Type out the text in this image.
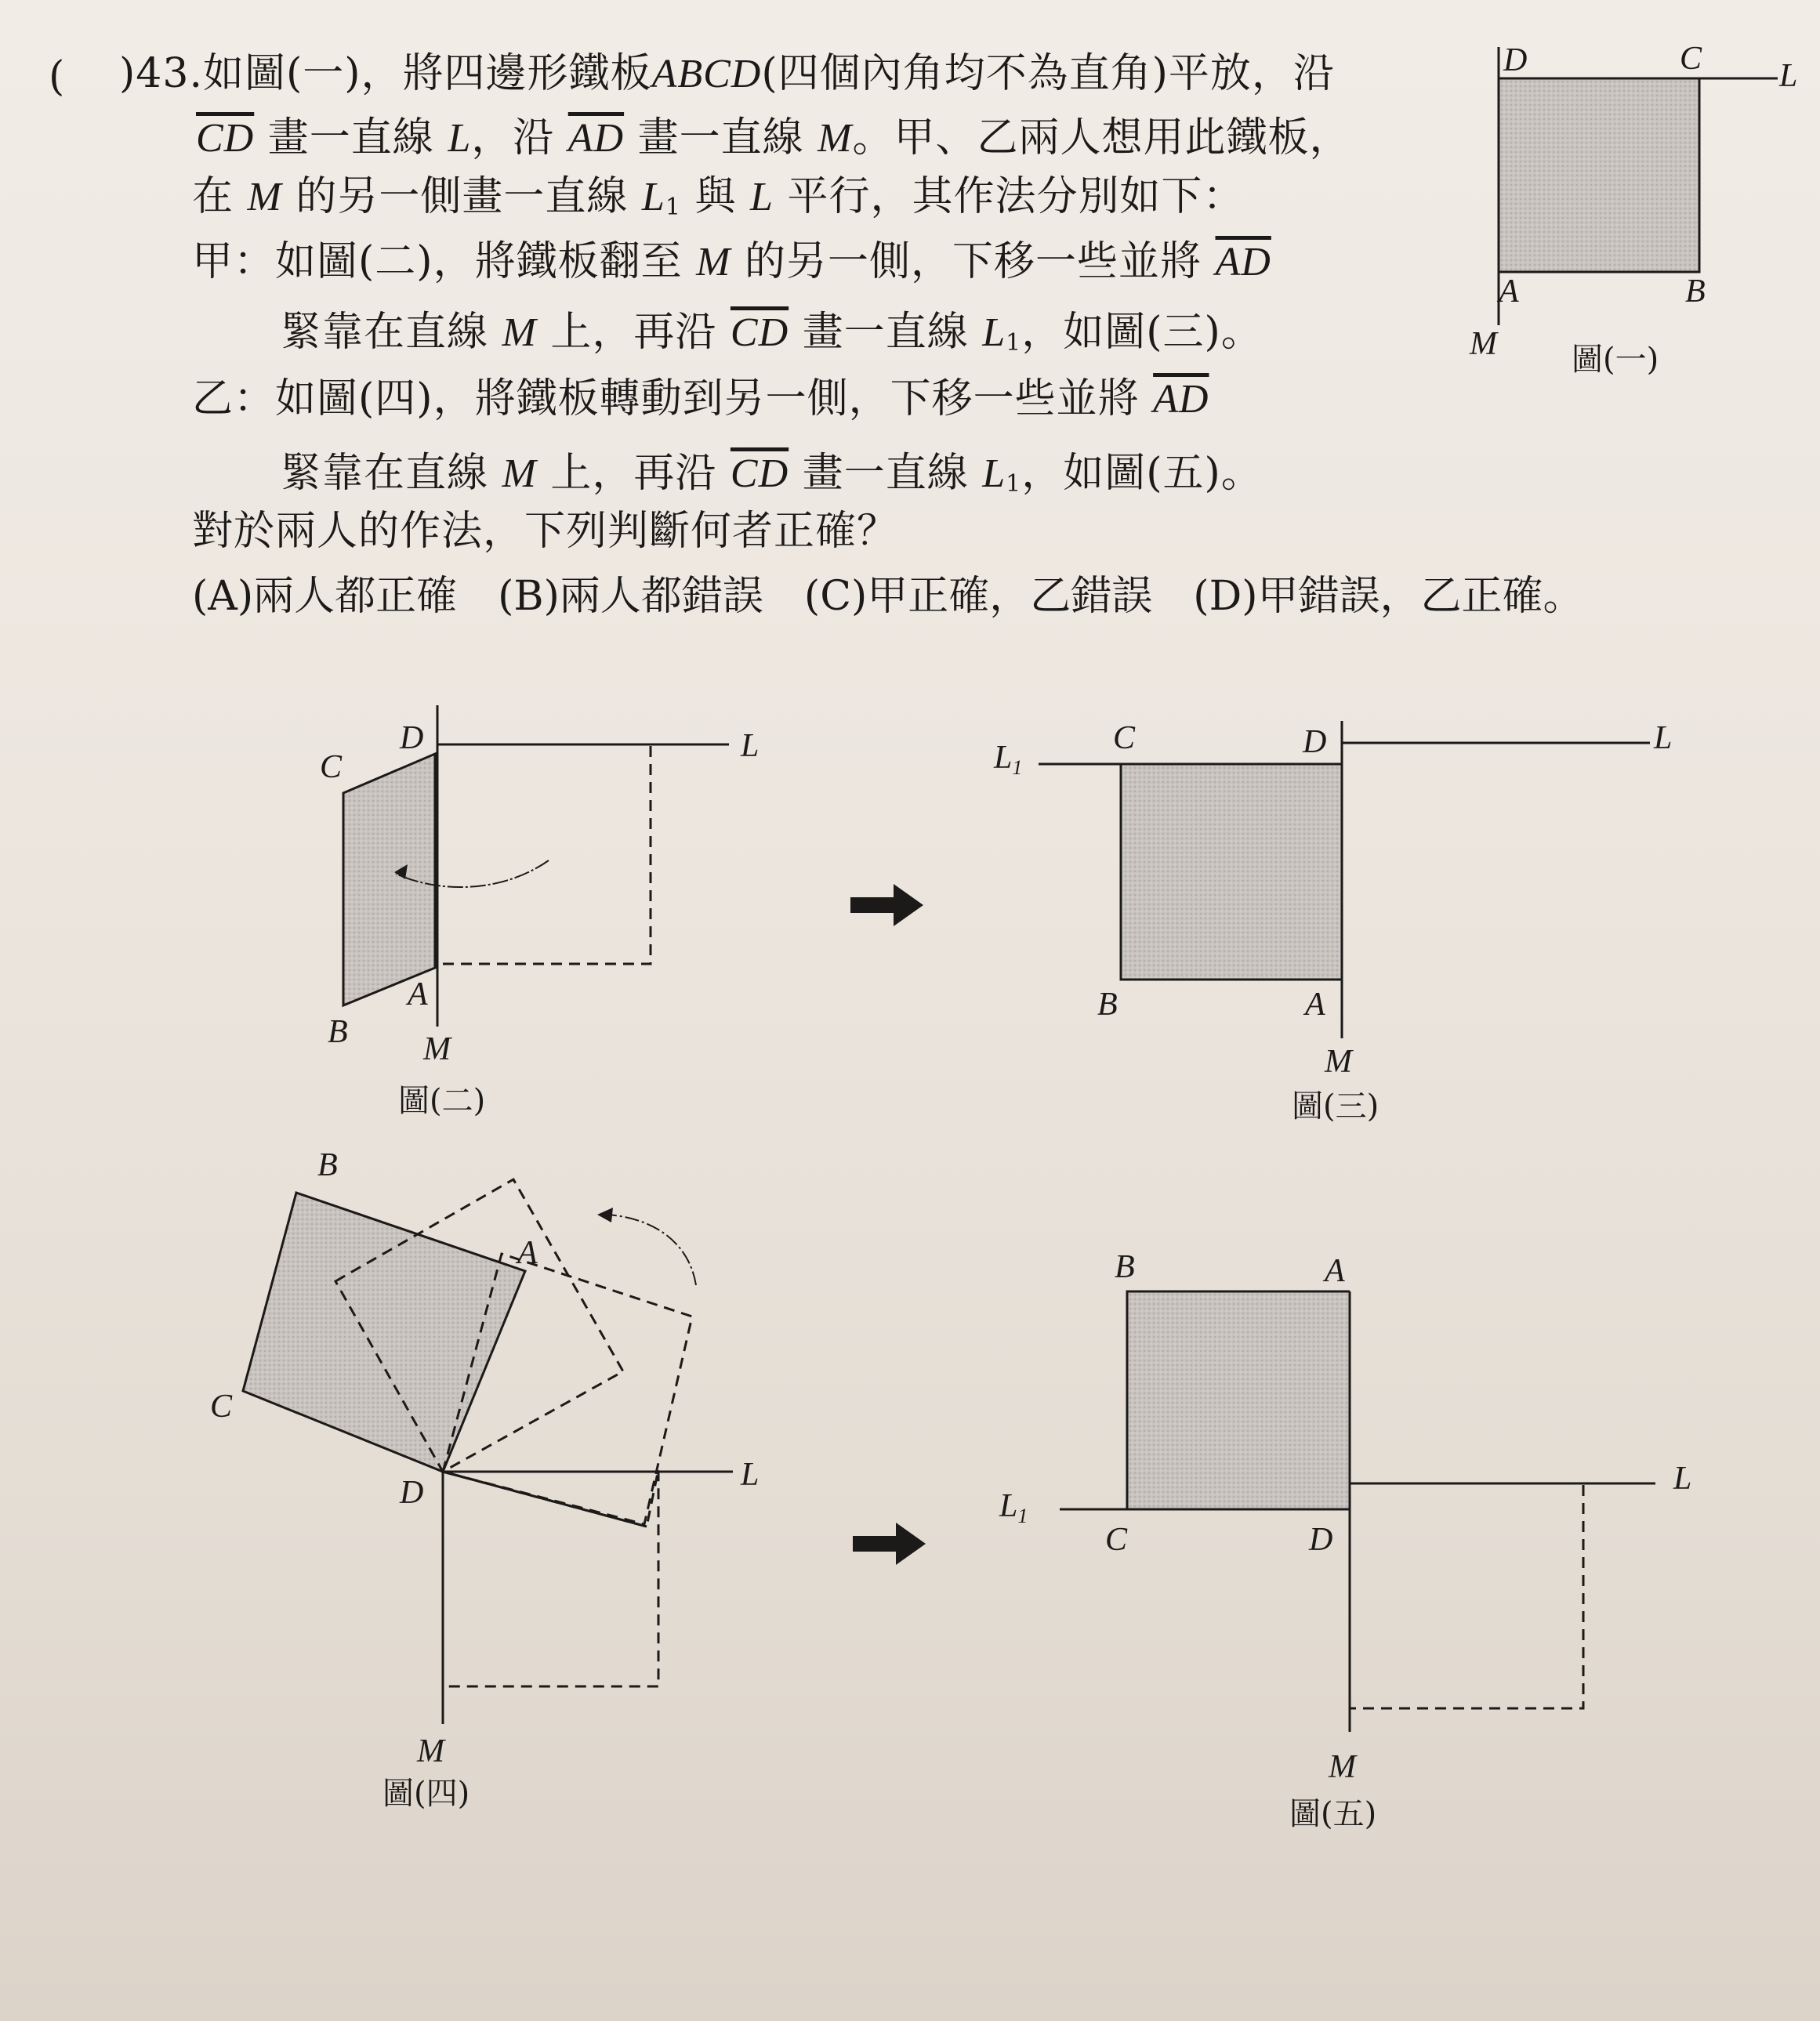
( )43.如圖(一)，將四邊形鐵板ABCD(四個內角均不為直角)平放，沿
$\overline{CD}$ 畫一直線 L，沿 $\overline{AD}$ 畫一直線 M。甲、乙兩人想用此鐵板，
在 M 的另一側畫一直線 $L_1$ 與 L 平行，其作法分別如下：
甲：如圖(二)，將鐵板翻至 M 的另一側，下移一些並將 $\overline{AD}$
緊靠在直線 M 上，再沿 $\overline{CD}$ 畫一直線 $L_1$，如圖(三)。
乙：如圖(四)，將鐵板轉動到另一側，下移一些並將 $\overline{AD}$
緊靠在直線 M 上，再沿 $\overline{CD}$ 畫一直線 $L_1$，如圖(五)。
對於兩人的作法，下列判斷何者正確？
(A)兩人都正確　(B)兩人都錯誤　(C)甲正確，乙錯誤　(D)甲錯誤，乙正確。
D	C L
A	B
M
C
D	L
A
B M
L1
C	D	L
B	A
M
B
A
C
D	L
M
B	A
L1
C	D
L
M
圖(一)
圖(二)	圖(三)
圖(四)
圖(五)
